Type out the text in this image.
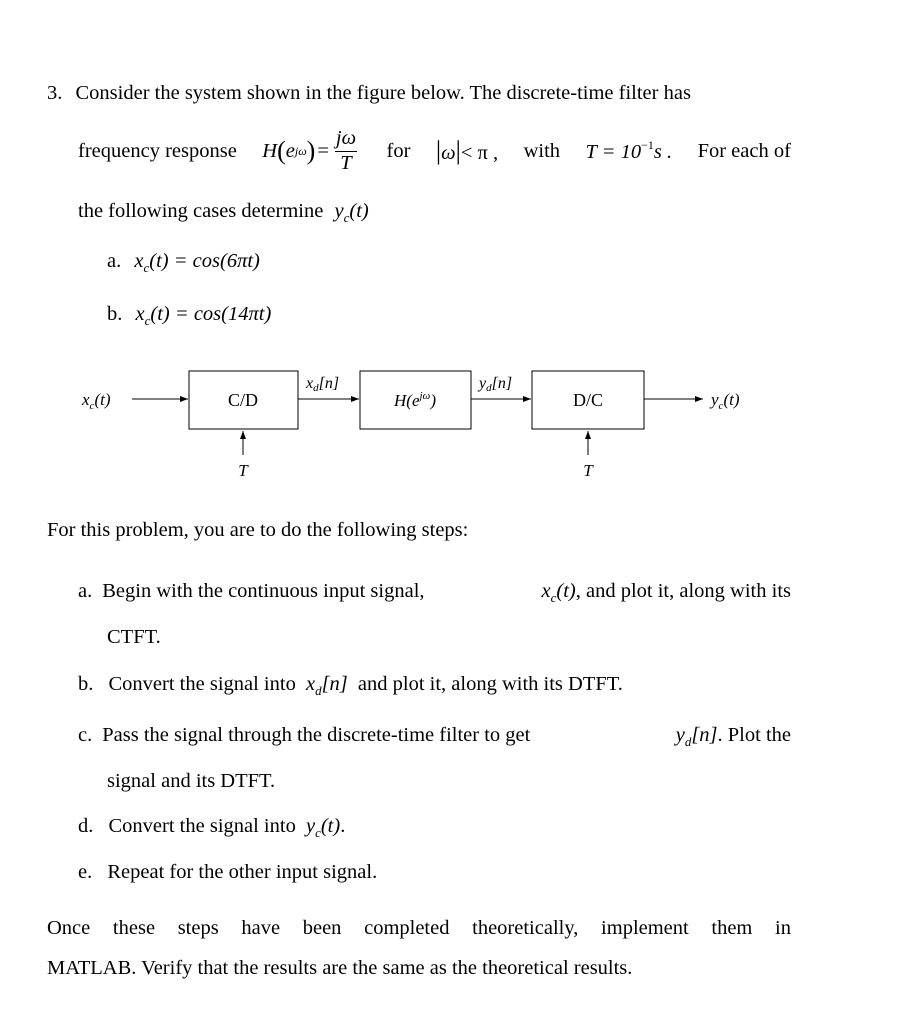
3. Consider the system shown in the figure below. The discrete-time filter has
frequency response H ( e jω ) = $\frac{j\omega}{T}$ for |ω|< π , with $T = 10^{-1}s$ . For each of
the following cases determine $y_c(t)$
a. $x_c(t) = \cos(6\pi t)$
b. $x_c(t) = \cos(14\pi t)$
$x_c(t)$	C/D
xd[n]
$H(e^{j\omega})$
yd[n]
D/C	$y_c(t)$
T	T
For this problem, you are to do the following steps:
a. Begin with the continuous input signal,	$x_c(t)$, and plot it, along with its
CTFT.
b. Convert the signal into $x_d[n]$ and plot it, along with its DTFT.
c. Pass the signal through the discrete-time filter to get	$y_d[n]$. Plot the
signal and its DTFT.
d. Convert the signal into $y_c(t)$.
e. Repeat for the other input signal.
Once these steps have been completed theoretically, implement them in
MATLAB. Verify that the results are the same as the theoretical results.
